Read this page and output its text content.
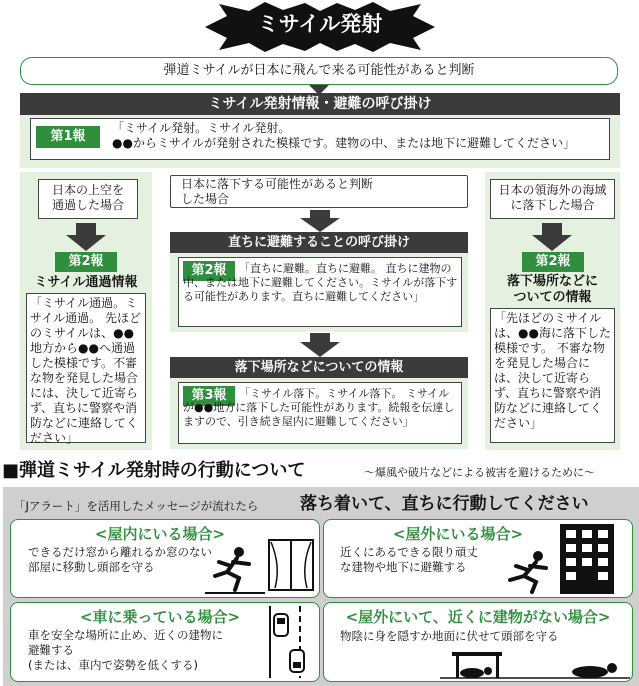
ミサイル発射
弾道ミサイルが日本に飛んで来る可能性があると判断
ミサイル発射情報・避難の呼び掛け
第1報
「ミサイル発射。ミサイル発射。
●●からミサイルが発射された模様です。建物の中、または地下に避難してください」
日本の上空を
通過した場合
第2報
ミサイル通過情報
「ミサイル通過。ミサイル通過。 先ほどのミサイルは、●●地方から●●へ通過した模様です。不審な物を発見した場合には、決して近寄らず、直ちに警察や消防などに連絡してください」
日本に落下する可能性があると判断
した場合
直ちに避難することの呼び掛け
第2報	「直ちに避難。直ちに避難。 直ちに建物の中、または地下に避難してください。ミサイルが落下する可能性があります。直ちに避難してください」
落下場所などについての情報
第3報	「ミサイル落下。ミサイル落下。 ミサイルが●●地方に落下した可能性があります。続報を伝達しますので、引き続き屋内に避難してください」
日本の領海外の海域
に落下した場合
第2報
落下場所などに
ついての情報
「先ほどのミサイルは、●●海に落下した模様です。 不審な物を発見した場合には、決して近寄らず、直ちに警察や消防などに連絡してください」
■弾道ミサイル発射時の行動について	～爆風や破片などによる被害を避けるために～
「Jアラート」を活用したメッセージが流れたら	落ち着いて、直ちに行動してください
<屋内にいる場合>
できるだけ窓から離れるか窓のない
部屋に移動し頭部を守る
<屋外にいる場合>
近くにあるできる限り頑丈
な建物や地下に避難する
<車に乗っている場合>
車を安全な場所に止め、近くの建物に
避難する
(または、車内で姿勢を低くする)
<屋外にいて、近くに建物がない場合>
物陰に身を隠すか地面に伏せて頭部を守る
